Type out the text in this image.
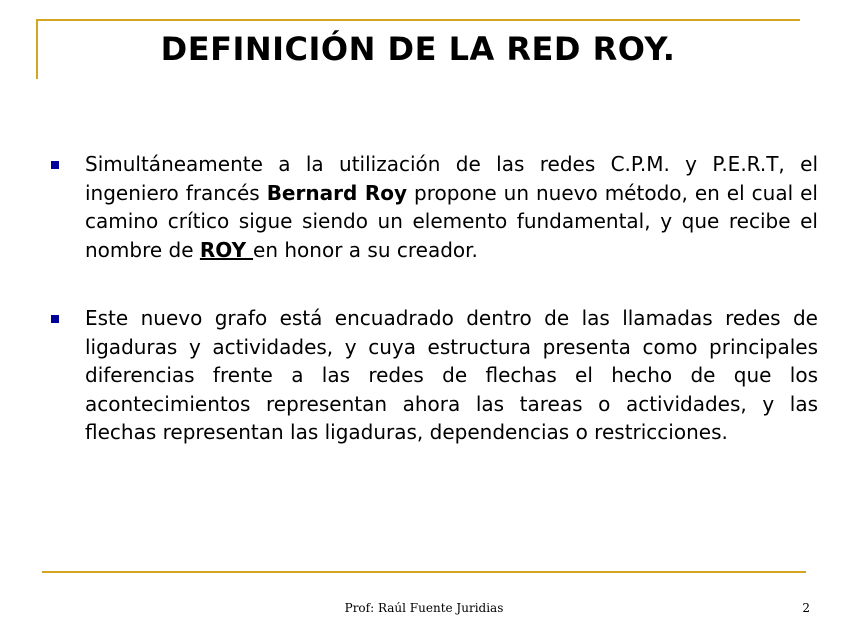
DEFINICIÓN DE LA RED ROY.
Simultáneamente a la utilización de las redes C.P.M. y P.E.R.T, el ingeniero francés Bernard Roy propone un nuevo método, en el cual el camino crítico sigue siendo un elemento fundamental, y que recibe el nombre de ROY en honor a su creador.
Este nuevo grafo está encuadrado dentro de las llamadas redes de ligaduras y actividades, y cuya estructura presenta como principales diferencias frente a las redes de flechas el hecho de que los acontecimientos representan ahora las tareas o actividades, y las flechas representan las ligaduras, dependencias o restricciones.
Prof: Raúl Fuente Juridias	2
